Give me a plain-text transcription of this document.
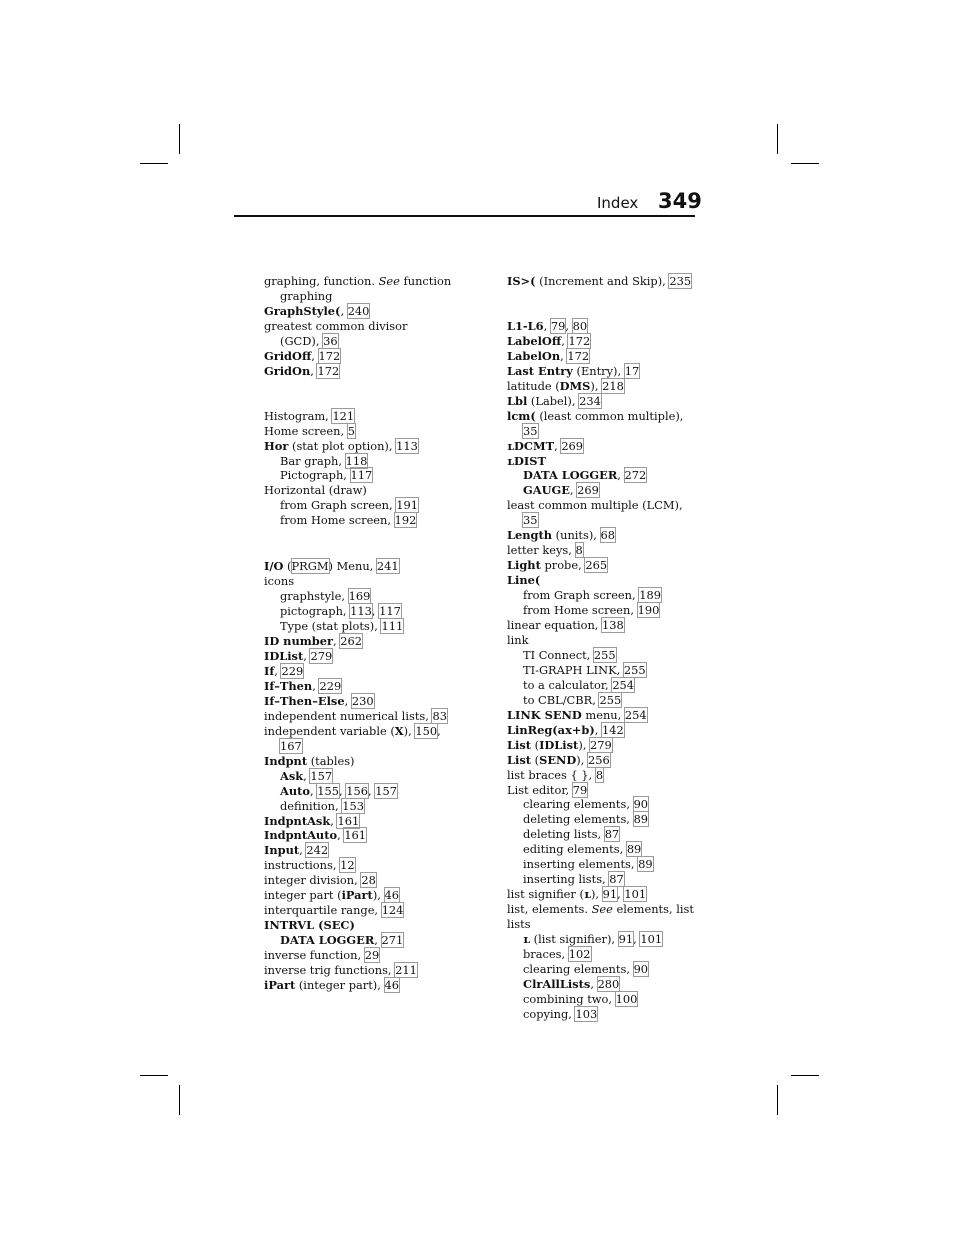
Index 349
graphing, function. See function
graphing
GraphStyle(, 240
greatest common divisor
(GCD), 36
GridOff, 172
GridOn, 172
Histogram, 121
Home screen, 5
Hor (stat plot option), 113
Bar graph, 118
Pictograph, 117
Horizontal (draw)
from Graph screen, 191
from Home screen, 192
I/O (PRGM) Menu, 241
icons
graphstyle, 169
pictograph, 113, 117
Type (stat plots), 111
ID number, 262
IDList, 279
If, 229
If–Then, 229
If–Then–Else, 230
independent numerical lists, 83
independent variable (X), 150,
167
Indpnt (tables)
Ask, 157
Auto, 155, 156, 157
definition, 153
IndpntAsk, 161
IndpntAuto, 161
Input, 242
instructions, 12
integer division, 28
integer part (iPart), 46
interquartile range, 124
INTRVL (SEC)
DATA LOGGER, 271
inverse function, 29
inverse trig functions, 211
iPart (integer part), 46
IS>( (Increment and Skip), 235
L1-L6, 79, 80
LabelOff, 172
LabelOn, 172
Last Entry (Entry), 17
latitude (DMS), 218
Lbl (Label), 234
lcm( (least common multiple),
35
ʟDCMT, 269
ʟDIST
DATA LOGGER, 272
GAUGE, 269
least common multiple (LCM),
35
Length (units), 68
letter keys, 8
Light probe, 265
Line(
from Graph screen, 189
from Home screen, 190
linear equation, 138
link
TI Connect, 255
TI-GRAPH LINK, 255
to a calculator, 254
to CBL/CBR, 255
LINK SEND menu, 254
LinReg(ax+b), 142
List (IDList), 279
List (SEND), 256
list braces { }, 8
List editor, 79
clearing elements, 90
deleting elements, 89
deleting lists, 87
editing elements, 89
inserting elements, 89
inserting lists, 87
list signifier (ʟ), 91, 101
list, elements. See elements, list
lists
ʟ (list signifier), 91, 101
braces, 102
clearing elements, 90
ClrAllLists, 280
combining two, 100
copying, 103
